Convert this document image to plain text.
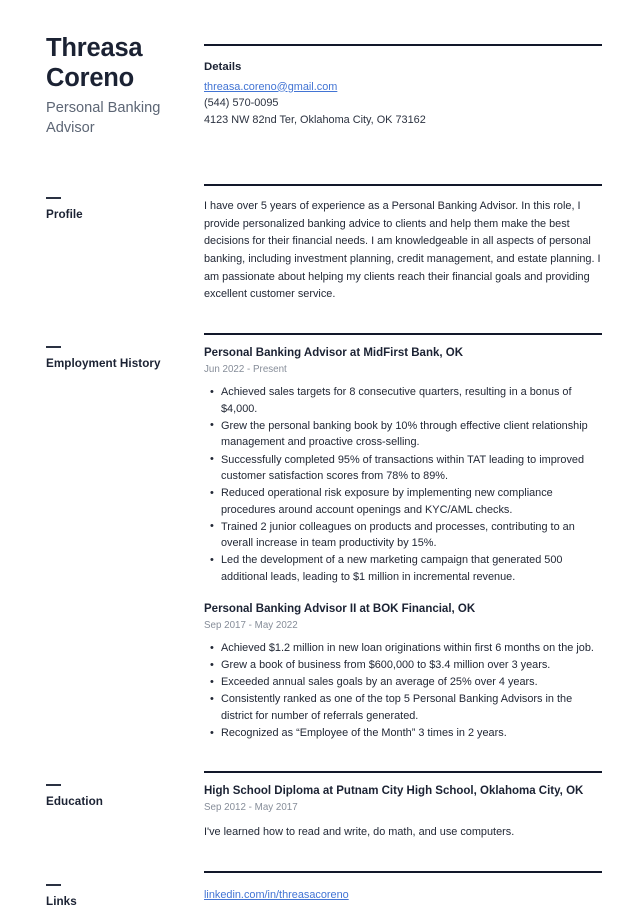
Threasa Coreno
Personal Banking Advisor
Details
threasa.coreno@gmail.com
(544) 570-0095
4123 NW 82nd Ter, Oklahoma City, OK 73162
Profile

I have over 5 years of experience as a Personal Banking Advisor. In this role, I provide personalized banking advice to clients and help them make the best decisions for their financial needs. I am knowledgeable in all aspects of personal banking, including investment planning, credit management, and estate planning. I am passionate about helping my clients reach their financial goals and providing excellent customer service.

Employment History
Personal Banking Advisor at MidFirst Bank, OK
Jun 2022 - Present
• Achieved sales targets for 8 consecutive quarters, resulting in a bonus of $4,000.
• Grew the personal banking book by 10% through effective client relationship management and proactive cross-selling.
• Successfully completed 95% of transactions within TAT leading to improved customer satisfaction scores from 78% to 89%.
• Reduced operational risk exposure by implementing new compliance procedures around account openings and KYC/AML checks.
• Trained 2 junior colleagues on products and processes, contributing to an overall increase in team productivity by 15%.
• Led the development of a new marketing campaign that generated 500 additional leads, leading to $1 million in incremental revenue.
Personal Banking Advisor II at BOK Financial, OK
Sep 2017 - May 2022
• Achieved $1.2 million in new loan originations within first 6 months on the job.
• Grew a book of business from $600,000 to $3.4 million over 3 years.
• Exceeded annual sales goals by an average of 25% over 4 years.
• Consistently ranked as one of the top 5 Personal Banking Advisors in the district for number of referrals generated.
• Recognized as “Employee of the Month” 3 times in 2 years.
Education
High School Diploma at Putnam City High School, Oklahoma City, OK
Sep 2012 - May 2017

I've learned how to read and write, do math, and use computers.

Links	linkedin.com/in/threasacoreno
